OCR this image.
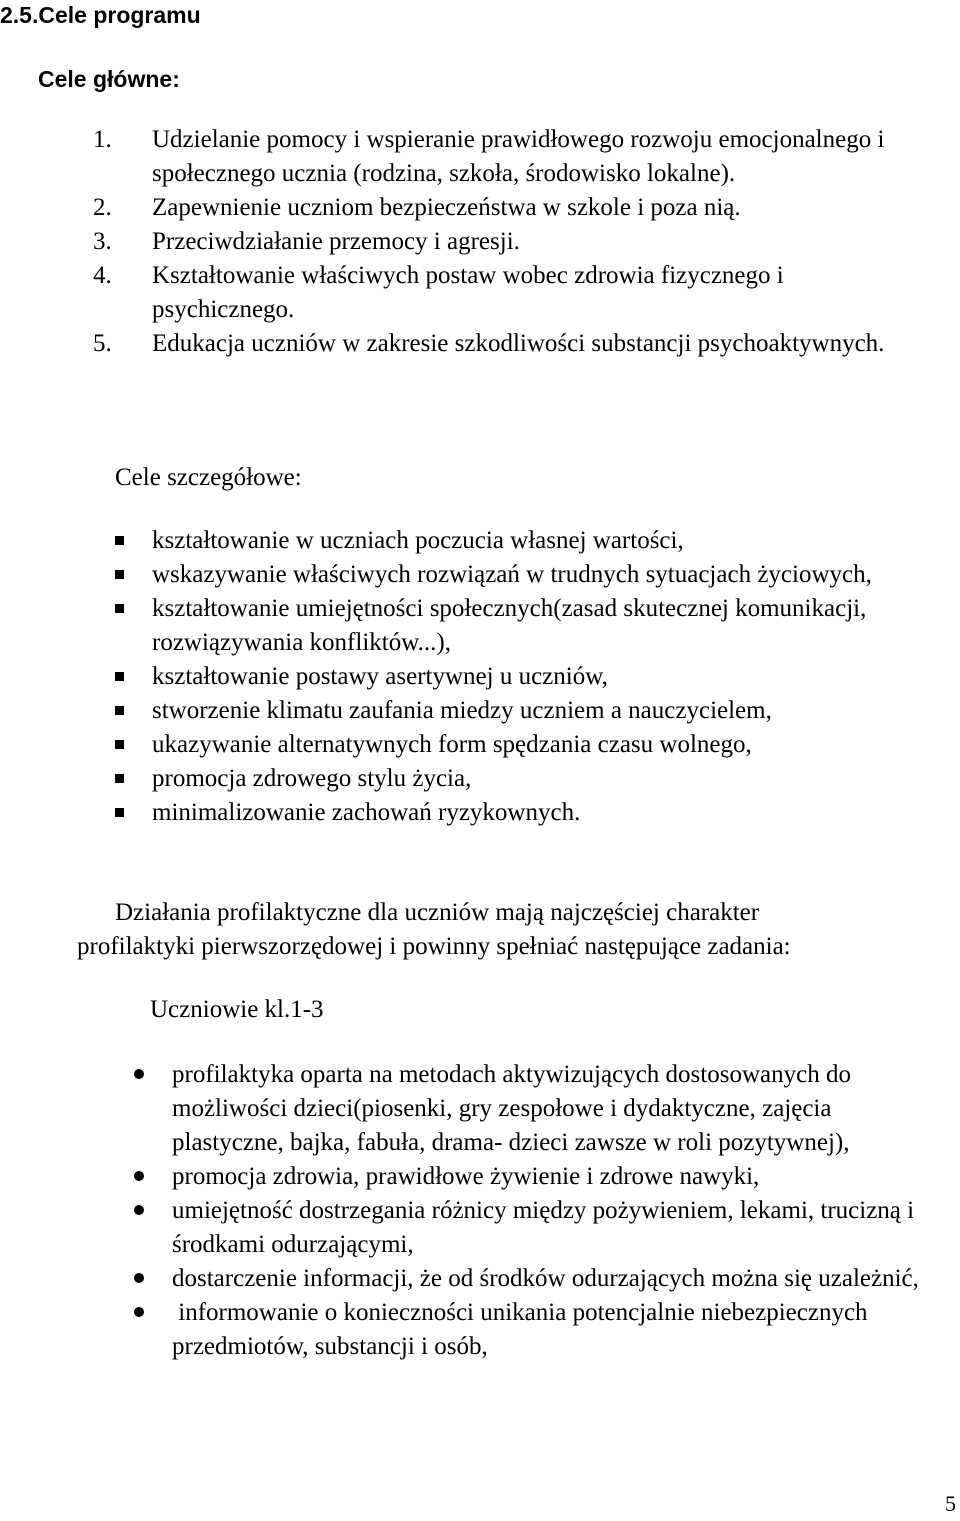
2.5.Cele programu
Cele główne:
1. Udzielanie pomocy i wspieranie prawidłowego rozwoju emocjonalnego i społecznego ucznia (rodzina, szkoła, środowisko lokalne).
2. Zapewnienie uczniom bezpieczeństwa w szkole i poza nią.
3. Przeciwdziałanie przemocy i agresji.
4. Kształtowanie właściwych postaw wobec zdrowia fizycznego i psychicznego.
5. Edukacja uczniów w zakresie szkodliwości substancji psychoaktywnych.
Cele szczegółowe:
kształtowanie w uczniach poczucia własnej wartości,
wskazywanie właściwych rozwiązań w trudnych sytuacjach życiowych,
kształtowanie umiejętności społecznych(zasad skutecznej komunikacji, rozwiązywania konfliktów...),
kształtowanie postawy asertywnej u uczniów,
stworzenie klimatu zaufania miedzy uczniem a nauczycielem,
ukazywanie alternatywnych form spędzania czasu wolnego,
promocja zdrowego stylu życia,
minimalizowanie zachowań ryzykownych.

Działania profilaktyczne dla uczniów mają najczęściej charakter
profilaktyki pierwszorzędowej i powinny spełniać następujące zadania:

Uczniowie kl.1-3
profilaktyka oparta na metodach aktywizujących dostosowanych do możliwości dzieci(piosenki, gry zespołowe i dydaktyczne, zajęcia plastyczne, bajka, fabuła, drama- dzieci zawsze w roli pozytywnej),
promocja zdrowia, prawidłowe żywienie i zdrowe nawyki,
umiejętność dostrzegania różnicy między pożywieniem, lekami, trucizną i środkami odurzającymi,
dostarczenie informacji, że od środków odurzających można się uzależnić,
informowanie o konieczności unikania potencjalnie niebezpiecznych przedmiotów, substancji i osób,
5
